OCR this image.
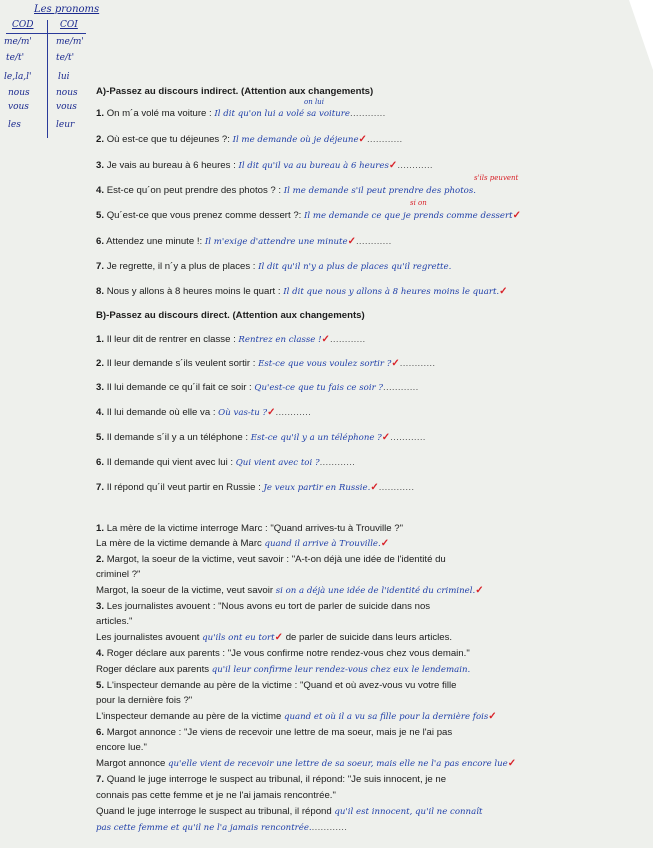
Les pronoms
COD	COI
me/m'	me/m'
te/t'	te/t'
le,la,l'	lui
nous	nous
vous	vous
les	leur
A)-Passez au discours indirect. (Attention aux changements)
on lui
1. On m´a volé ma voiture : Il dit qu'on lui a volé sa voiture............
2. Où est-ce que tu déjeunes ?: Il me demande où je déjeune✓............
3. Je vais au bureau à 6 heures : Il dit qu'il va au bureau à 6 heures✓............
s'ils peuvent
4. Est-ce qu´on peut prendre des photos ? : Il me demande s'il peut prendre des photos.
si on
5. Qu´est-ce que vous prenez comme dessert ?: Il me demande ce que je prends comme dessert✓
6. Attendez une minute !: Il m'exige d'attendre une minute✓............
7. Je regrette, il n´y a plus de places : Il dit qu'il n'y a plus de places qu'il regrette.
8. Nous y allons à 8 heures moins le quart : Il dit que nous y allons à 8 heures moins le quart.✓
B)-Passez au discours direct. (Attention aux changements)
1. Il leur dit de rentrer en classe : Rentrez en classe !✓............
2. Il leur demande s´ils veulent sortir : Est-ce que vous voulez sortir ?✓............
3. Il lui demande ce qu´il fait ce soir : Qu'est-ce que tu fais ce soir ?............
4. Il lui demande où elle va : Où vas-tu ?✓............
5. Il demande s´il y a un téléphone : Est-ce qu'il y a un téléphone ?✓............
6. Il demande qui vient avec lui : Qui vient avec toi ?............
7. Il répond qu´il veut partir en Russie : Je veux partir en Russie.✓............
1. La mère de la victime interroge Marc : "Quand arrives-tu à Trouville ?"
La mère de la victime demande à Marc quand il arrive à Trouville.✓
2. Margot, la soeur de la victime, veut savoir : "A-t-on déjà une idée de l'identité du
criminel ?"
Margot, la soeur de la victime, veut savoir si on a déjà une idée de l'identité du criminel.✓
3. Les journalistes avouent : "Nous avons eu tort de parler de suicide dans nos
articles."
Les journalistes avouent qu'ils ont eu tort✓ de parler de suicide dans leurs articles.
4. Roger déclare aux parents : "Je vous confirme notre rendez-vous chez vous demain."
Roger déclare aux parents qu'il leur confirme leur rendez-vous chez eux le lendemain.
5. L'inspecteur demande au père de la victime : "Quand et où avez-vous vu votre fille
pour la dernière fois ?"
L'inspecteur demande au père de la victime quand et où il a vu sa fille pour la dernière fois✓
6. Margot annonce : "Je viens de recevoir une lettre de ma soeur, mais je ne l'ai pas
encore lue."
Margot annonce qu'elle vient de recevoir une lettre de sa soeur, mais elle ne l'a pas encore lue✓
7. Quand le juge interroge le suspect au tribunal, il répond: "Je suis innocent, je ne
connais pas cette femme et je ne l'ai jamais rencontrée."
Quand le juge interroge le suspect au tribunal, il répond qu'il est innocent, qu'il ne connaît
pas cette femme et qu'il ne l'a jamais rencontrée.............
